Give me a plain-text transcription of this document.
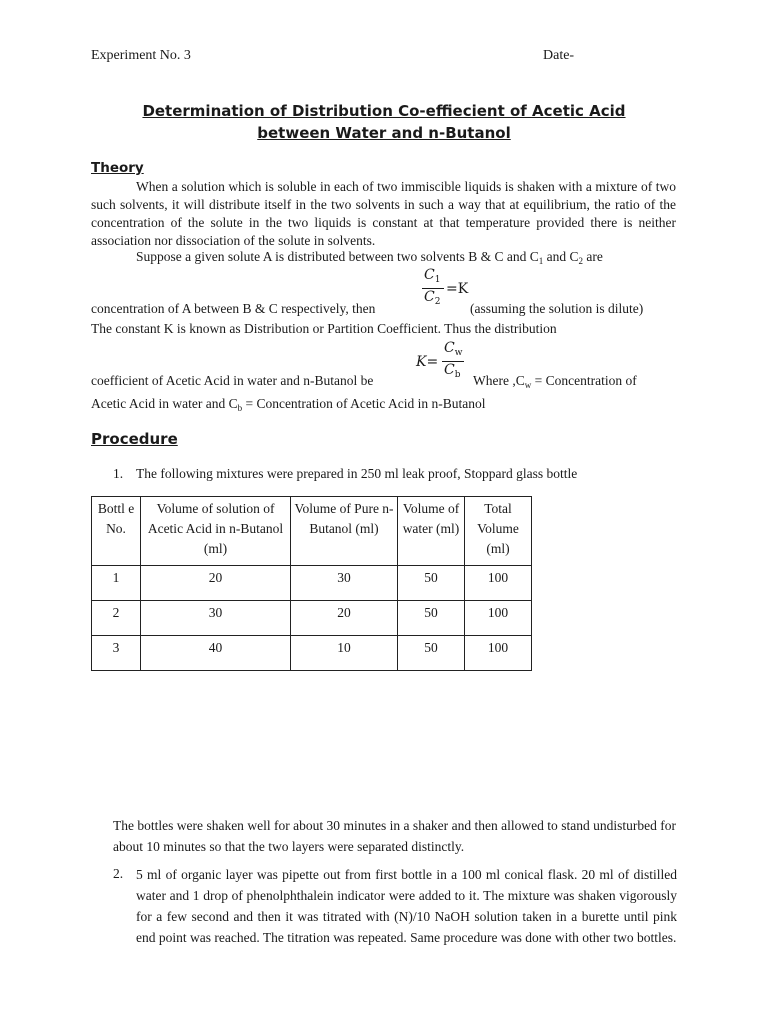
Experiment No. 3	Date-
Determination of Distribution Co-effiecient of Acetic Acid
between Water and n-Butanol
Theory
When a solution which is soluble in each of two immiscible liquids is shaken with a mixture of two such solvents, it will distribute itself in the two solvents in such a way that at equilibrium, the ratio of the concentration of the solute in the two liquids is constant at that temperature provided there is neither association nor dissociation of the solute in solvents.
Suppose a given solute A is distributed between two solvents B & C and $C_1$ and $C_2$ are
$C_1$
$C_2$
=K
concentration of A between B & C respectively, then	(assuming the solution is dilute)
The constant K is known as Distribution or Partition Coefficient. Thus the distribution
K=
$C_w$
$C_b$
coefficient of Acetic Acid in water and n-Butanol be	Where $,C_w$ = Concentration of
Acetic Acid in water and $C_b$ = Concentration of Acetic Acid in n-Butanol
Procedure
1. The following mixtures were prepared in 250 ml leak proof, Stoppard glass bottle
Bottl e No.	Volume of solution of Acetic Acid in n-Butanol (ml)	Volume of Pure n-Butanol (ml)	Volume of water (ml)	Total Volume (ml)
1	20	30	50	100
2	30	20	50	100
3	40	10	50	100
The bottles were shaken well for about 30 minutes in a shaker and then allowed to stand undisturbed for about 10 minutes so that the two layers were separated distinctly.
2. 5 ml of organic layer was pipette out from first bottle in a 100 ml conical flask. 20 ml of distilled water and 1 drop of phenolphthalein indicator were added to it. The mixture was shaken vigorously for a few second and then it was titrated with (N)/10 NaOH solution taken in a burette until pink end point was reached. The titration was repeated. Same procedure was done with other two bottles.
